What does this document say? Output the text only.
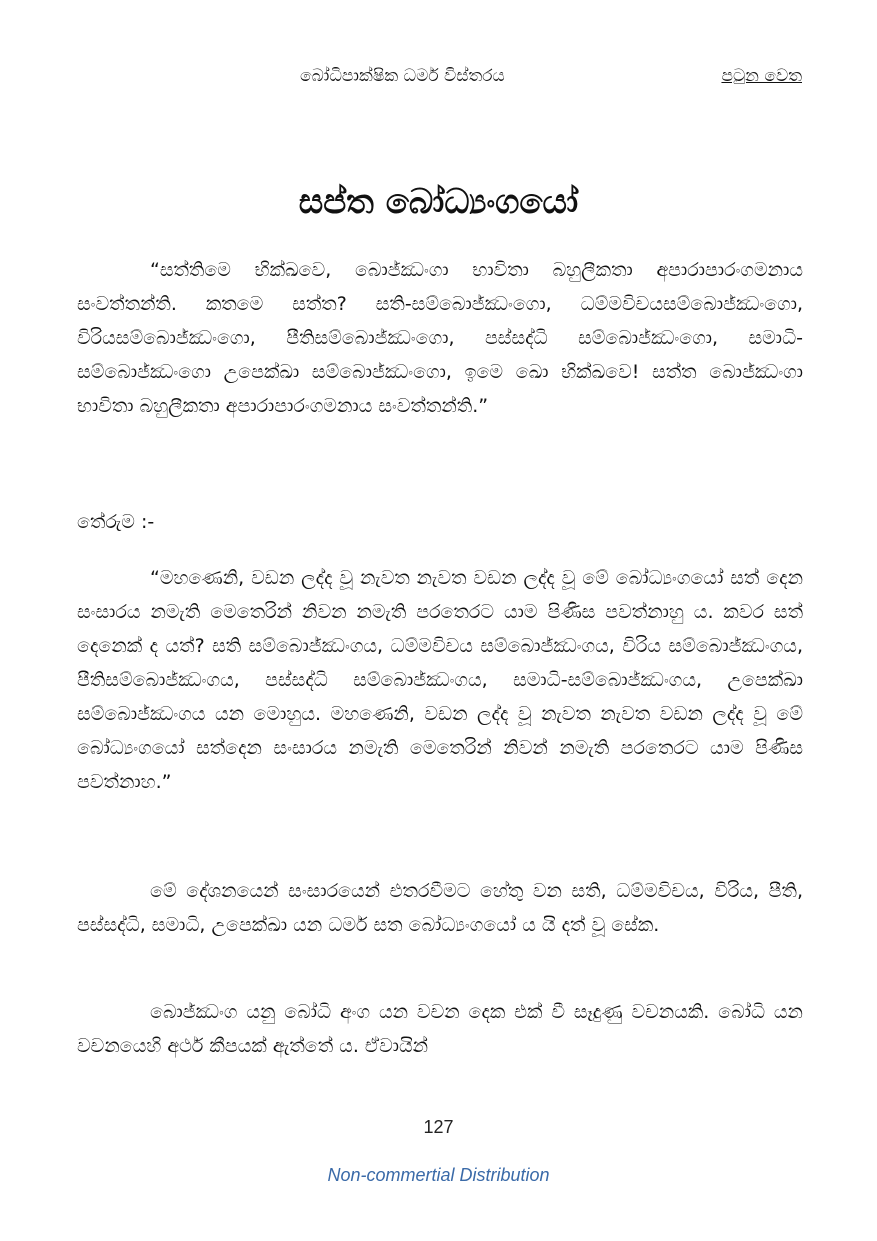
බෝධිපාක්ෂික ධර්ම විස්තරය	පටුන වෙත
සප්ත බෝධ්‍යංගයෝ

“සත්තිමෙ භික්ඛවෙ, බොජ්ඣංගා භාවිතා බහුලීකතා අපාරාපාරංගමනාය සංවත්තන්ති. කතමෙ සත්ත? සති-සම්බොජ්ඣංගො, ධම්මවිචයසම්බොජ්ඣංගො, විරියසම්බොජ්ඣංගො, පීතිසම්බොජ්ඣංගො, පස්සද්ධි සම්බොජ්ඣංගො, සමාධි-සම්බොජ්ඣංගො උපෙක්ඛා සම්බොජ්ඣංගො, ඉමෙ ඛො භික්ඛවෙ! සත්ත බොජ්ඣංගා භාවිතා බහුලීකතා අපාරාපාරංගමනාය සංවත්තන්ති.”

තේරුම :-

“මහණෙනි, වඩන ලද්ද වූ නැවත නැවත වඩන ලද්ද වූ මේ බෝධ්‍යංගයෝ සත් දෙන සංසාරය නමැති මෙතෙරින් නිවන නමැති පරතෙරට යාම පිණිස පවත්නාහු ය. කවර සත් දෙනෙක් ද යත්? සති සම්බොජ්ඣංගය, ධම්මවිචය සම්බොජ්ඣංගය, විරිය සම්බොජ්ඣංගය, පීතිසම්බොජ්ඣංගය, පස්සද්ධි සම්බොජ්ඣංගය, සමාධි-සම්බොජ්ඣංගය, උපෙක්ඛා සම්බොජ්ඣංගය යන මොහුය. මහණෙනි, වඩන ලද්ද වූ නැවත නැවත වඩන ලද්ද වූ මේ බෝධ්‍යංගයෝ සත්දෙන සංසාරය නමැති මෙතෙරින් නිවන් නමැති පරතෙරට යාම පිණිස පවත්නාහ.”

මේ දේශනයෙන් සංසාරයෙන් එතරවීමට හේතු වන සති, ධම්මවිචය, විරිය, පීති, පස්සද්ධි, සමාධි, උපෙක්ඛා යන ධර්ම සත බෝධ්‍යංගයෝ ය යි දත් වූ සේක.

බොජ්ඣංග යනු බෝධි අංග යන වචන දෙක එක් වී සෑදුණු වචනයකි. බෝධි යන වචනයෙහි අර්ථ කීපයක් ඇත්තේ ය. ඒවායින්

127
Non-commertial Distribution
